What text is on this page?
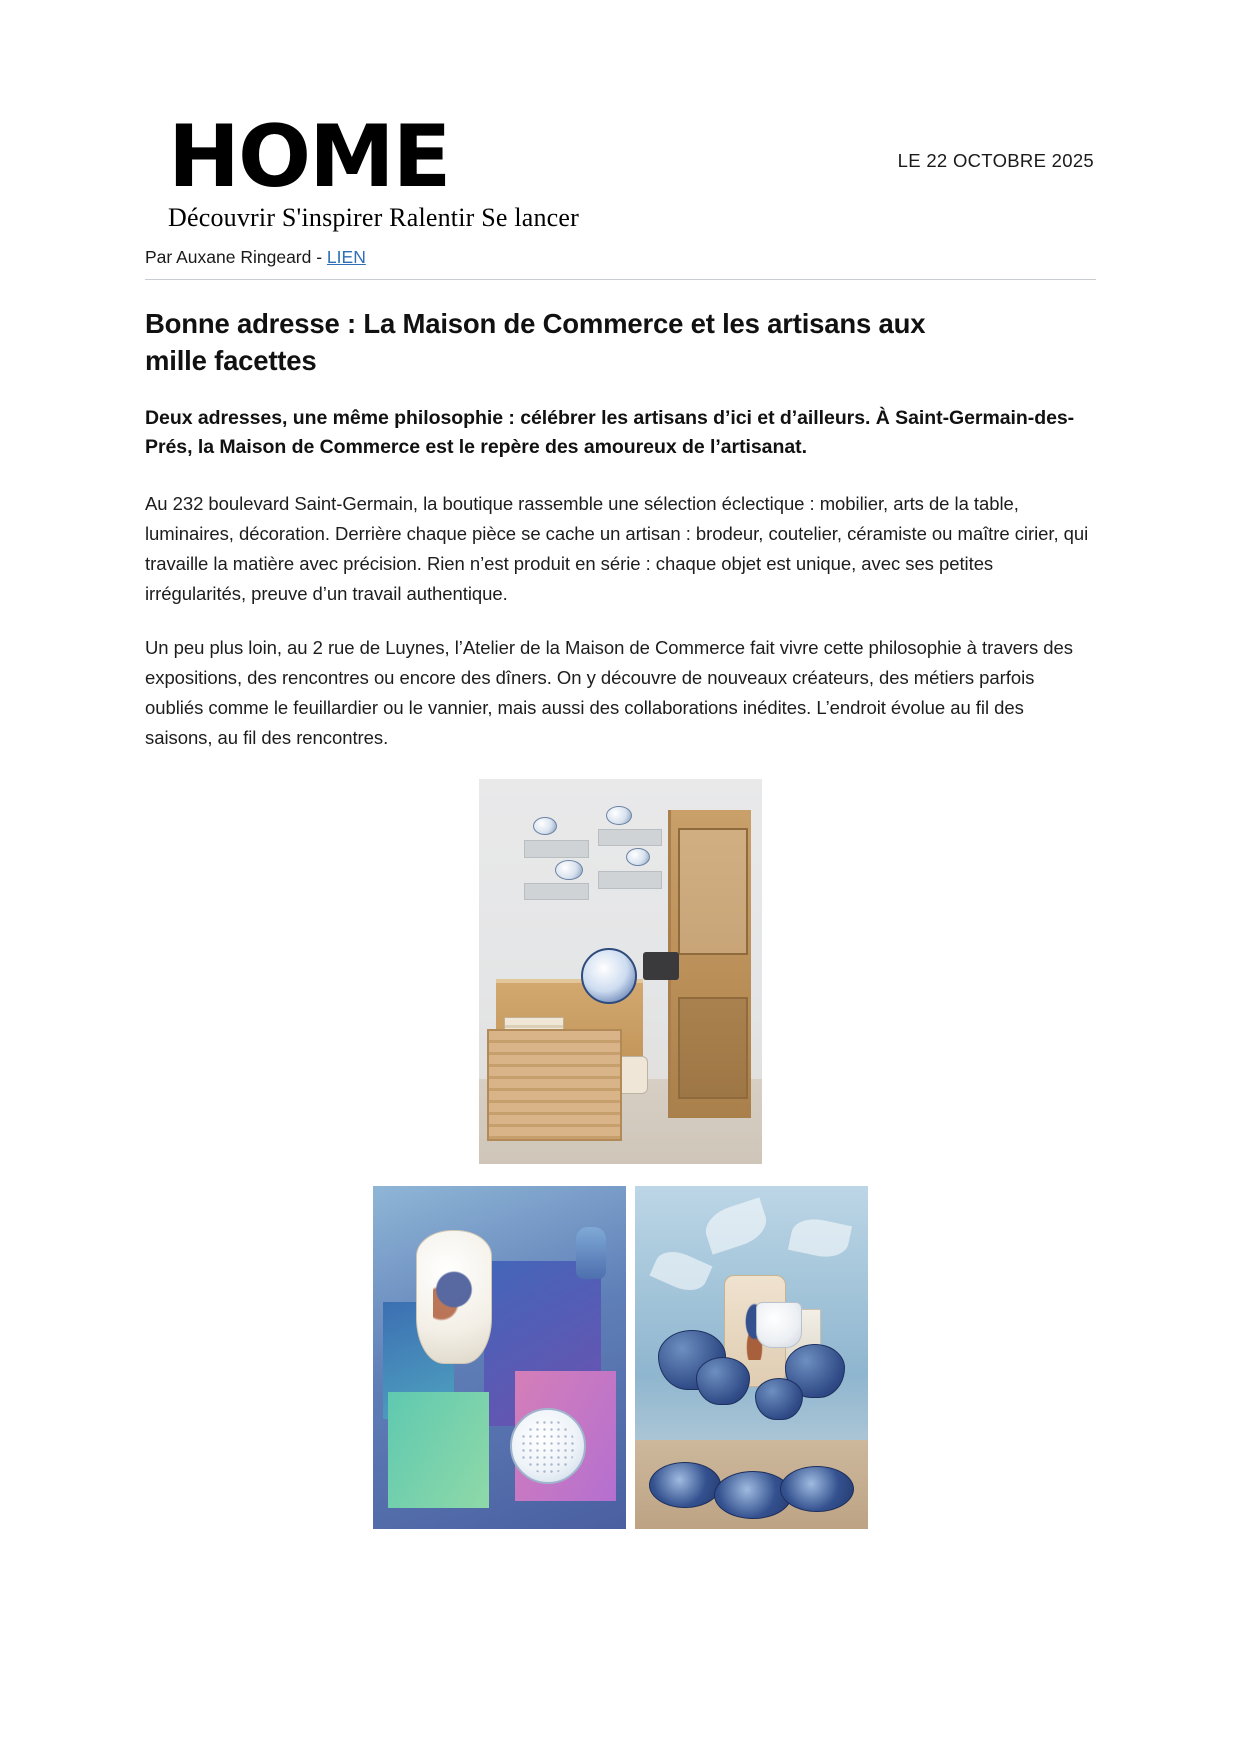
HOME
Découvrir S'inspirer Ralentir Se lancer
LE 22 OCTOBRE 2025
Par Auxane Ringeard - LIEN
Bonne adresse : La Maison de Commerce et les artisans aux mille facettes

Deux adresses, une même philosophie : célébrer les artisans d’ici et d’ailleurs. À Saint-Germain-des-Prés, la Maison de Commerce est le repère des amoureux de l’artisanat.

Au 232 boulevard Saint-Germain, la boutique rassemble une sélection éclectique : mobilier, arts de la table, luminaires, décoration. Derrière chaque pièce se cache un artisan : brodeur, coutelier, céramiste ou maître cirier, qui travaille la matière avec précision. Rien n’est produit en série : chaque objet est unique, avec ses petites irrégularités, preuve d’un travail authentique.

Un peu plus loin, au 2 rue de Luynes, l’Atelier de la Maison de Commerce fait vivre cette philosophie à travers des expositions, des rencontres ou encore des dîners. On y découvre de nouveaux créateurs, des métiers parfois oubliés comme le feuillardier ou le vannier, mais aussi des collaborations inédites. L’endroit évolue au fil des saisons, au fil des rencontres.
